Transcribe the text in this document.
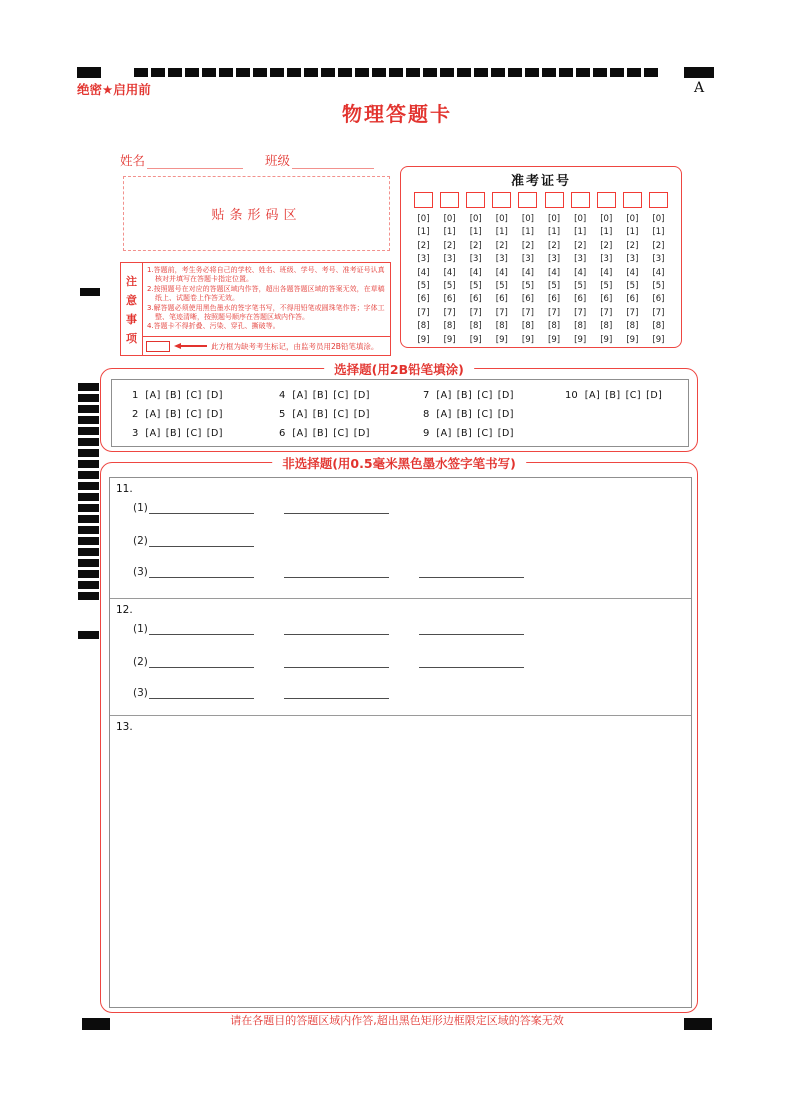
绝密★启用前	A
物理答题卡
姓名	班级
贴条形码区
准考证号
[0]
[1]
[2]
[3]
[4]
[5]
[6]
[7]
[8]
[9]
[0]
[1]
[2]
[3]
[4]
[5]
[6]
[7]
[8]
[9]
[0]
[1]
[2]
[3]
[4]
[5]
[6]
[7]
[8]
[9]
[0]
[1]
[2]
[3]
[4]
[5]
[6]
[7]
[8]
[9]
[0]
[1]
[2]
[3]
[4]
[5]
[6]
[7]
[8]
[9]
[0]
[1]
[2]
[3]
[4]
[5]
[6]
[7]
[8]
[9]
[0]
[1]
[2]
[3]
[4]
[5]
[6]
[7]
[8]
[9]
[0]
[1]
[2]
[3]
[4]
[5]
[6]
[7]
[8]
[9]
[0]
[1]
[2]
[3]
[4]
[5]
[6]
[7]
[8]
[9]
[0]
[1]
[2]
[3]
[4]
[5]
[6]
[7]
[8]
[9]
注
意
事
项
1.答题前，考生务必将自己的学校、姓名、班级、学号、考号、准考证号认真核对并填写在答题卡指定位置。
2.按照题号在对应的答题区域内作答，超出各题答题区域的答案无效，在草稿纸上、试题卷上作答无效。
3.解答题必须使用黑色墨水的签字笔书写，不得用铅笔或圆珠笔作答；字体工整、笔迹清晰，按照题号顺序在答题区域内作答。
4.答题卡不得折叠、污染、穿孔、撕破等。
此方框为缺考考生标记，由监考员用2B铅笔填涂。
选择题(用2B铅笔填涂)
1 [A] [B] [C] [D]
2 [A] [B] [C] [D]
3 [A] [B] [C] [D]
4 [A] [B] [C] [D]
5 [A] [B] [C] [D]
6 [A] [B] [C] [D]
7 [A] [B] [C] [D]
8 [A] [B] [C] [D]
9 [A] [B] [C] [D]
10 [A] [B] [C] [D]
非选择题(用0.5毫米黑色墨水签字笔书写)
11.
(1)
(2)
(3)
12.
(1)
(2)
(3)
13.
请在各题目的答题区域内作答,超出黑色矩形边框限定区域的答案无效
